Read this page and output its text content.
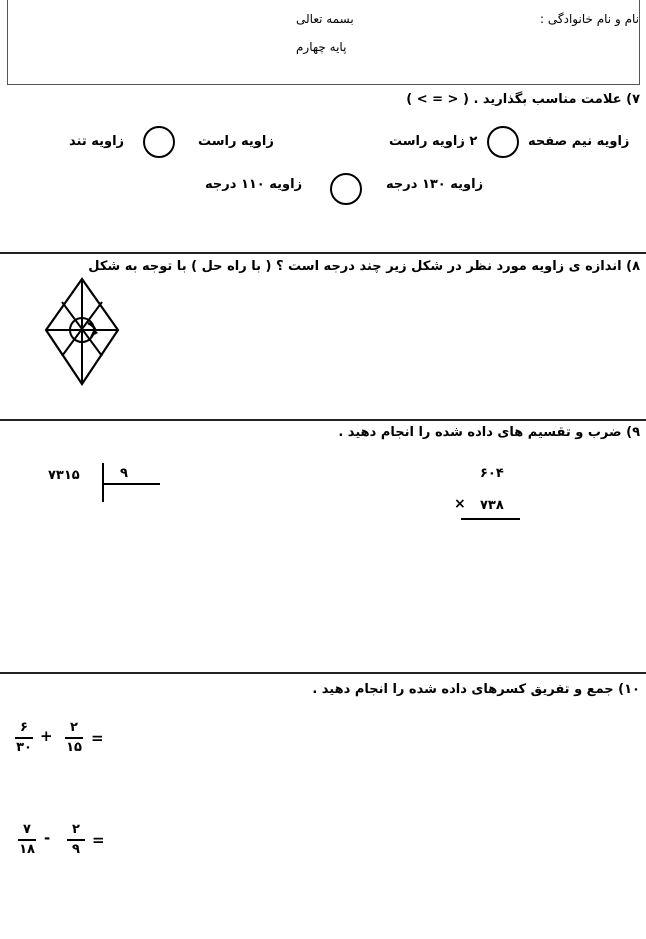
نام و نام خانوادگی :
بسمه تعالی
پایه چهارم
۷) علامت مناسب بگذارید . ( < = > )
زاویه نیم صفحه
۲ زاویه راست
زاویه راست
زاویه تند
زاویه ۱۳۰ درجه
زاویه ۱۱۰ درجه
۸) اندازه ی زاویه مورد نظر در شکل زیر چند درجه است ؟ ( با راه حل ) با توجه به شکل
۹) ضرب و تقسیم های داده شده را انجام دهید .
۷۳۱۵	۹	۶۰۴
× ۷۳۸
۱۰) جمع و تفریق کسرهای داده شده را انجام دهید .
۶
۳۰
+	۲
۱۵ =
۷
۱۸
-	۲
۹ =
